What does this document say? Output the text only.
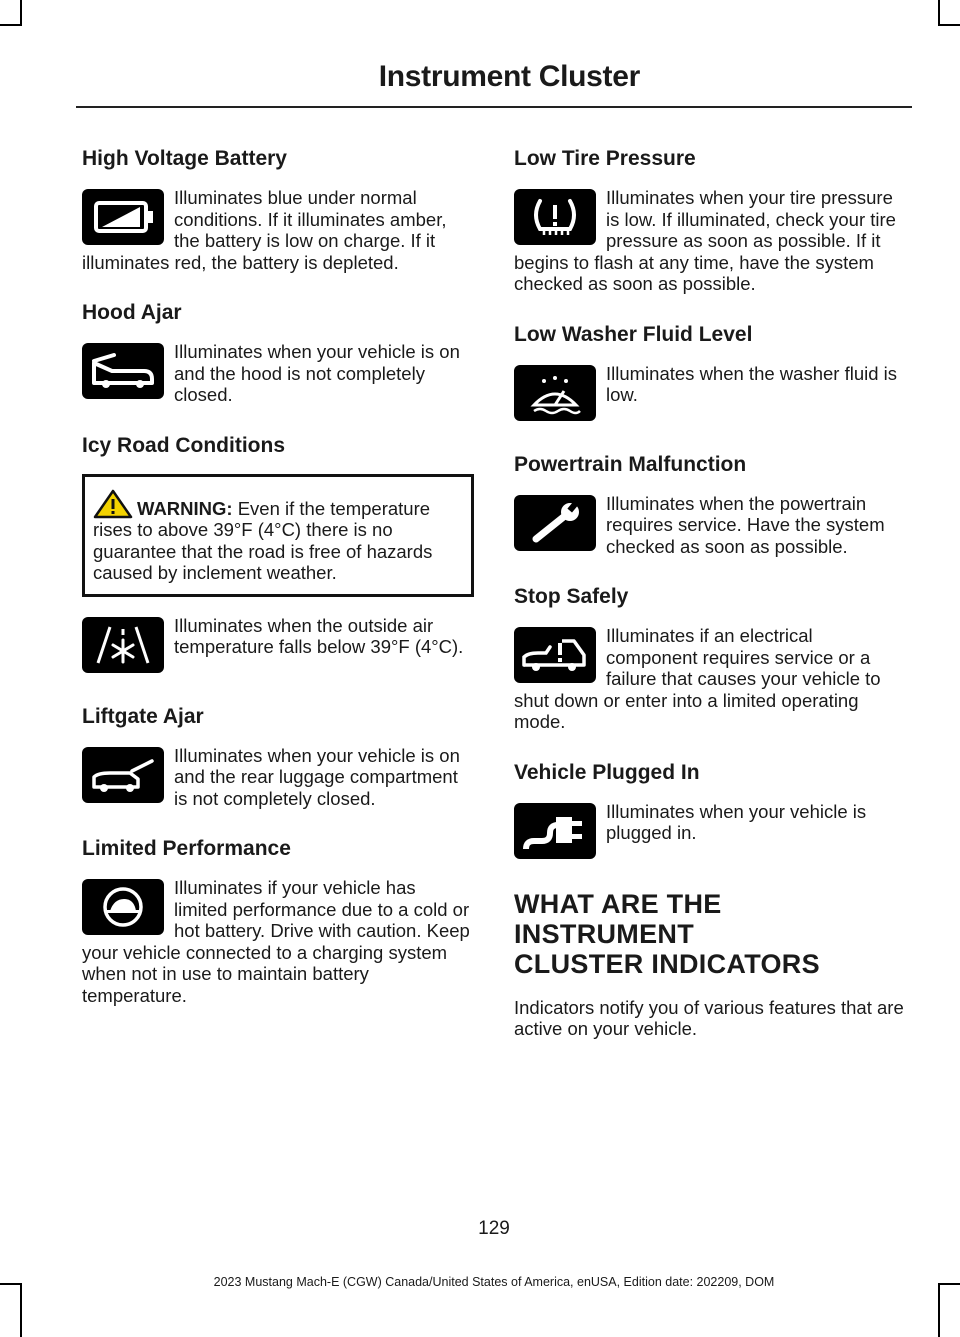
Instrument Cluster
High Voltage Battery
Illuminates blue under normal conditions. If it illuminates amber, the battery is low on charge. If it illuminates red, the battery is depleted.
Hood Ajar
Illuminates when your vehicle is on and the hood is not completely closed.
Icy Road Conditions
WARNING: Even if the temperature rises to above 39°F (4°C) there is no guarantee that the road is free of hazards caused by inclement weather.
Illuminates when the outside air temperature falls below 39°F (4°C).
Liftgate Ajar
Illuminates when your vehicle is on and the rear luggage compartment is not completely closed.
Limited Performance
Illuminates if your vehicle has limited performance due to a cold or hot battery. Drive with caution. Keep your vehicle connected to a charging system when not in use to maintain battery temperature.
Low Tire Pressure
Illuminates when your tire pressure is low. If illuminated, check your tire pressure as soon as possible. If it begins to flash at any time, have the system checked as soon as possible.
Low Washer Fluid Level
Illuminates when the washer fluid is low.
Powertrain Malfunction
Illuminates when the powertrain requires service. Have the system checked as soon as possible.
Stop Safely
Illuminates if an electrical component requires service or a failure that causes your vehicle to shut down or enter into a limited operating mode.
Vehicle Plugged In
Illuminates when your vehicle is plugged in.
WHAT ARE THE INSTRUMENT
CLUSTER INDICATORS

Indicators notify you of various features that are active on your vehicle.

129
2023 Mustang Mach-E (CGW) Canada/United States of America, enUSA, Edition date: 202209, DOM
